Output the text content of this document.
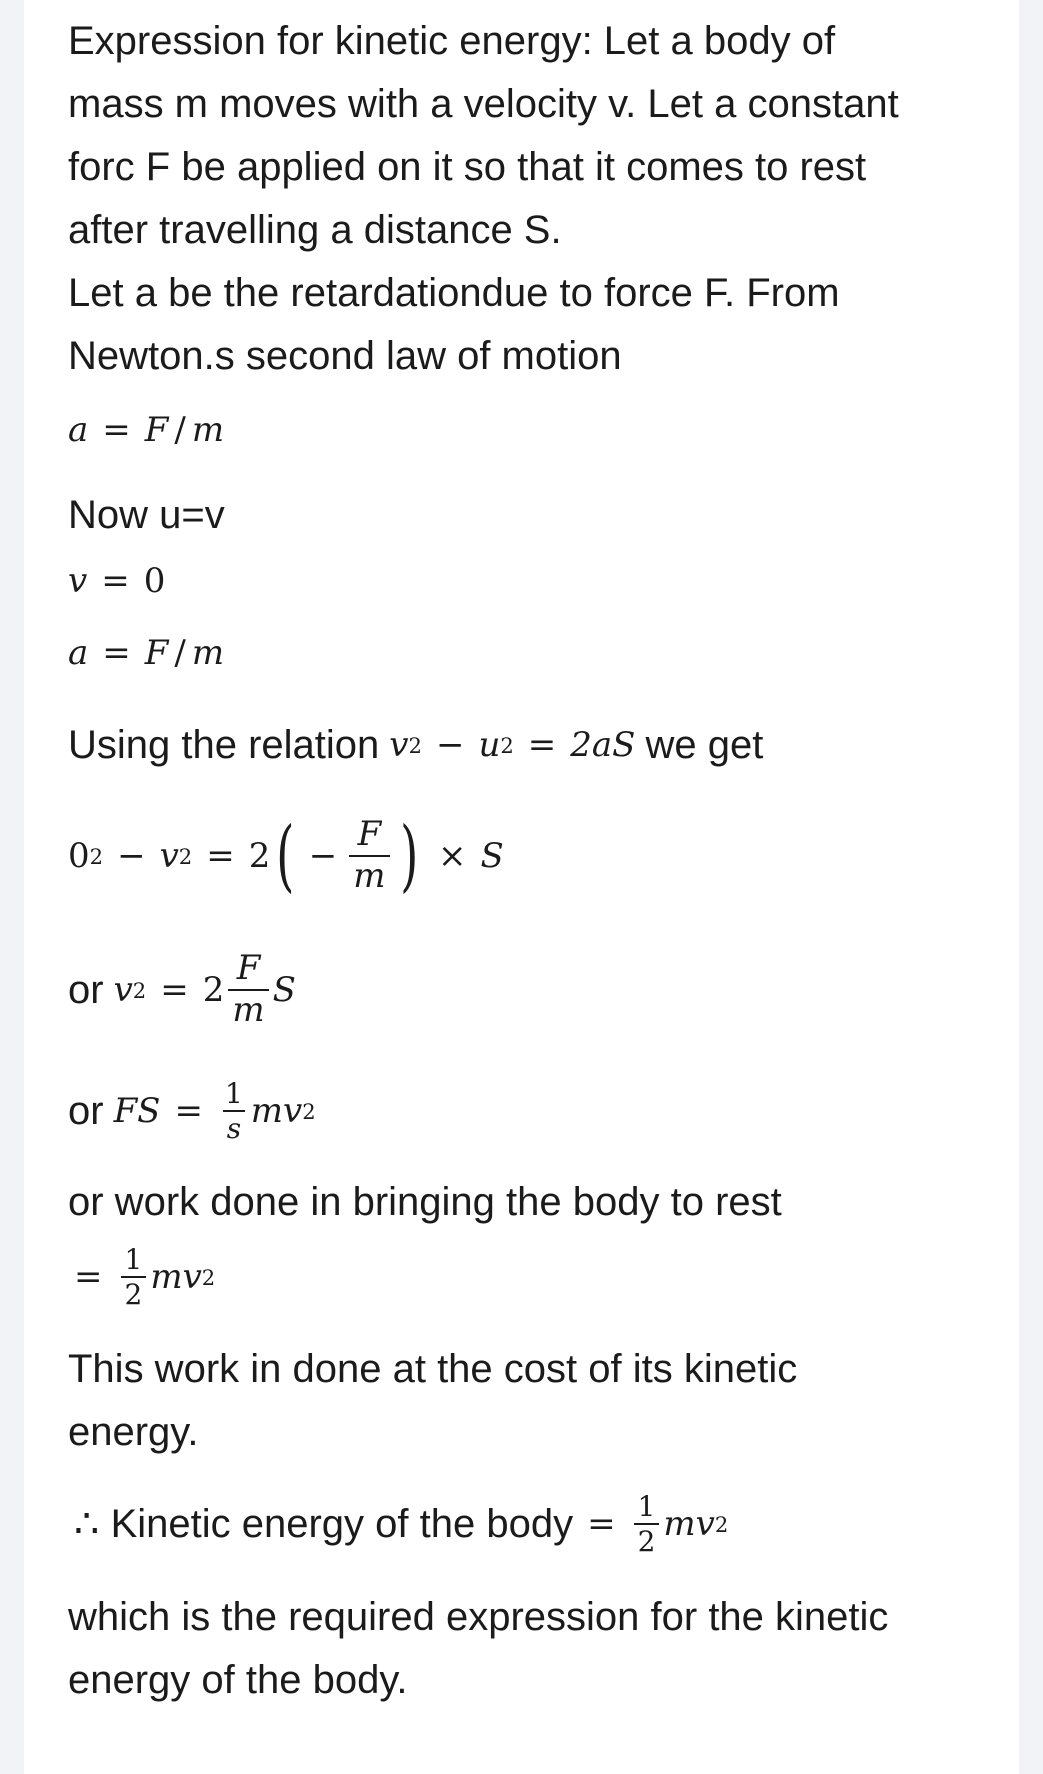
Expression for kinetic energy: Let a body of
mass m moves with a velocity v. Let a constant
forc F be applied on it so that it comes to rest
after travelling a distance S.
Let a be the retardationdue to force F. From
Newton.s second law of motion

a = F / m

Now u=v

v = 0
a = F / m
Using the relation v 2 − u 2 = 2aS we get
0 2 − v 2 = 2 ( − $\frac{F}{m}$ ) × S
or v $2 = 2 \frac{F}{m}$ S
or FS = $\frac{1}{s}$ mv 2

or work done in bringing the body to rest

= $\frac{1}{2}$ mv 2

This work in done at the cost of its kinetic
energy.

∴ Kinetic energy of the body = $\frac{1}{2}$ mv 2

which is the required expression for the kinetic
energy of the body.
